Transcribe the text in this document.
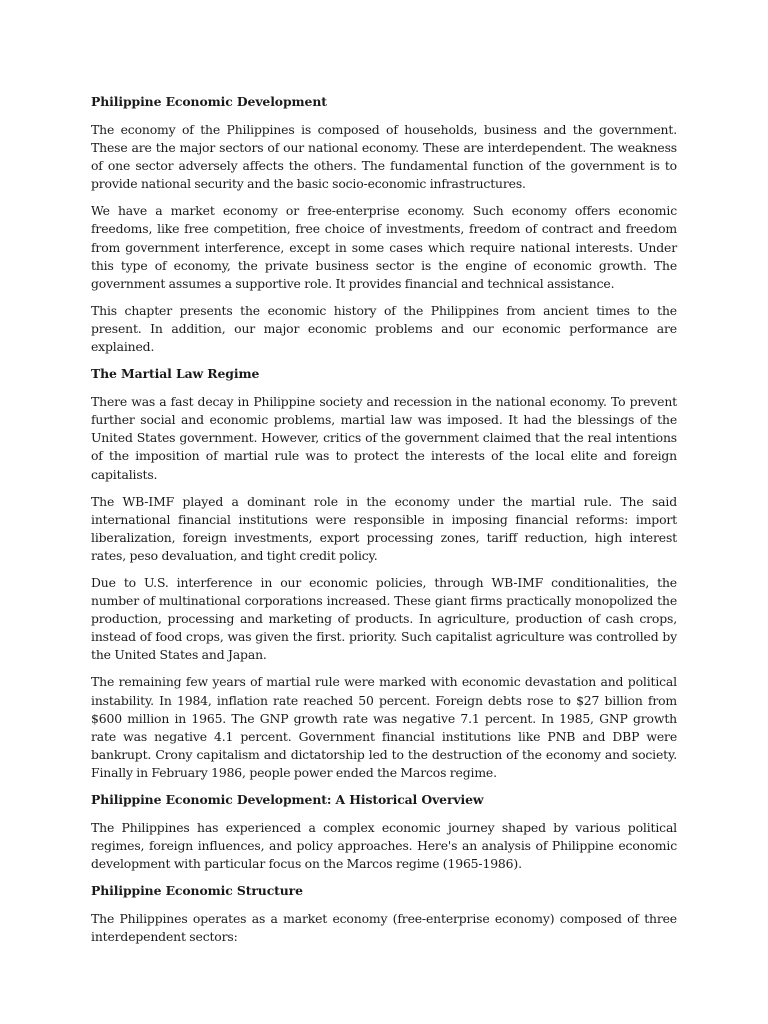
Philippine Economic Development

The economy of the Philippines is composed of households, business and the government. These are the major sectors of our national economy. These are interdependent. The weakness of one sector adversely affects the others. The fundamental function of the government is to provide national security and the basic socio-economic infrastructures.

We have a market economy or free-enterprise economy. Such economy offers economic freedoms, like free competition, free choice of investments, freedom of contract and freedom from government interference, except in some cases which require national interests. Under this type of economy, the private business sector is the engine of economic growth. The government assumes a supportive role. It provides financial and technical assistance.

This chapter presents the economic history of the Philippines from ancient times to the present. In addition, our major economic problems and our economic performance are explained.

The Martial Law Regime

There was a fast decay in Philippine society and recession in the national economy. To prevent further social and economic problems, martial law was imposed. It had the blessings of the United States government. However, critics of the government claimed that the real intentions of the imposition of martial rule was to protect the interests of the local elite and foreign capitalists.

The WB-IMF played a dominant role in the economy under the martial rule. The said international financial institutions were responsible in imposing financial reforms: import liberalization, foreign investments, export processing zones, tariff reduction, high interest rates, peso devaluation, and tight credit policy.

Due to U.S. interference in our economic policies, through WB-IMF conditionalities, the number of multinational corporations increased. These giant firms practically monopolized the production, processing and marketing of products. In agriculture, production of cash crops, instead of food crops, was given the first. priority. Such capitalist agriculture was controlled by the United States and Japan.

The remaining few years of martial rule were marked with economic devastation and political instability. In 1984, inflation rate reached 50 percent. Foreign debts rose to $27 billion from $600 million in 1965. The GNP growth rate was negative 7.1 percent. In 1985, GNP growth rate was negative 4.1 percent. Government financial institutions like PNB and DBP were bankrupt. Crony capitalism and dictatorship led to the destruction of the economy and society. Finally in February 1986, people power ended the Marcos regime.

Philippine Economic Development: A Historical Overview

The Philippines has experienced a complex economic journey shaped by various political regimes, foreign influences, and policy approaches. Here's an analysis of Philippine economic development with particular focus on the Marcos regime (1965-1986).

Philippine Economic Structure

The Philippines operates as a market economy (free-enterprise economy) composed of three interdependent sectors:
